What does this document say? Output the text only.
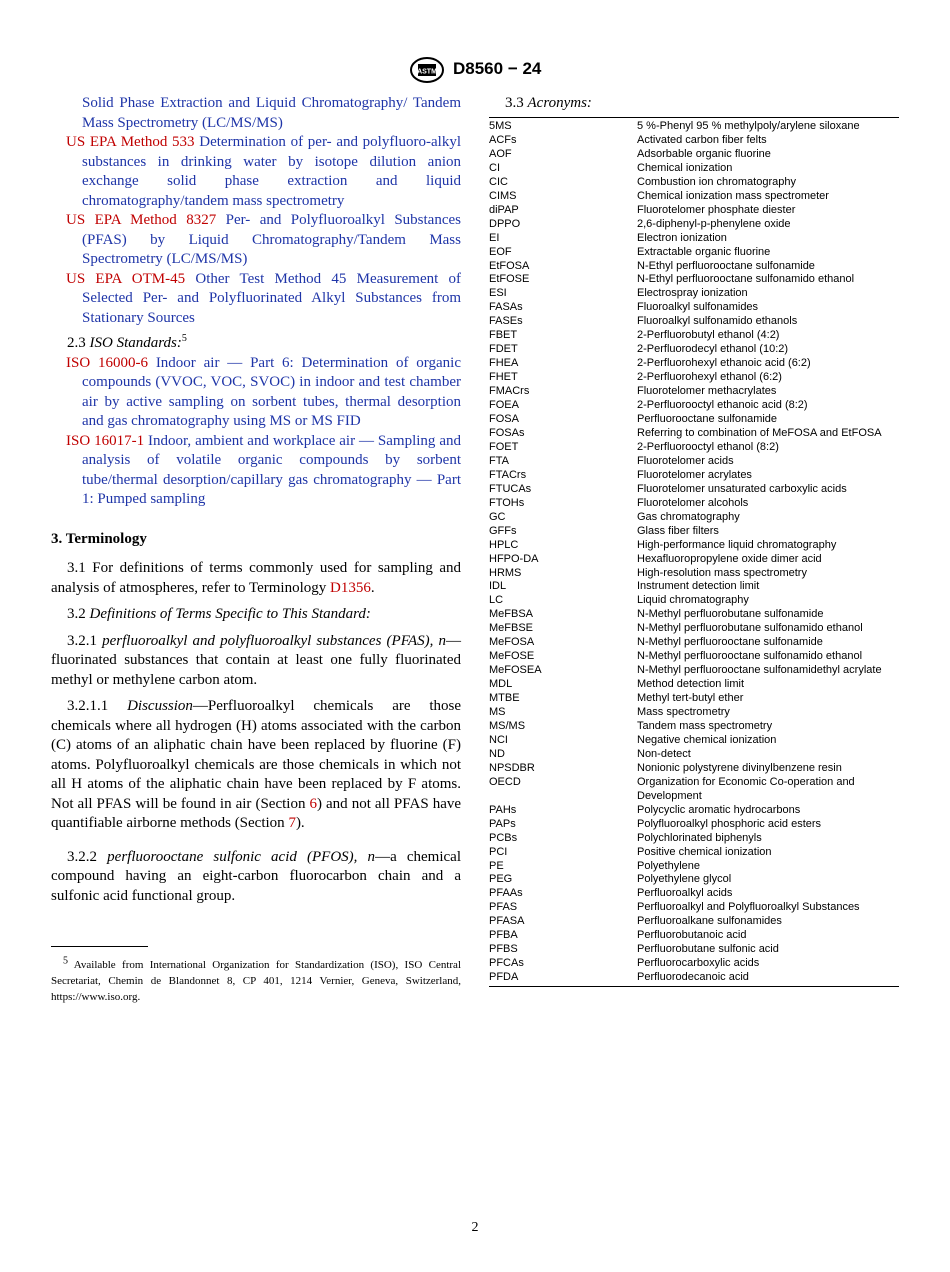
ASTM D8560 − 24
Solid Phase Extraction and Liquid Chromatography/ Tandem Mass Spectrometry (LC/MS/MS)
US EPA Method 533 Determination of per- and polyfluoro-alkyl substances in drinking water by isotope dilution anion exchange solid phase extraction and liquid chromatography/tandem mass spectrometry
US EPA Method 8327 Per- and Polyfluoroalkyl Substances (PFAS) by Liquid Chromatography/Tandem Mass Spectrometry (LC/MS/MS)
US EPA OTM-45 Other Test Method 45 Measurement of Selected Per- and Polyfluorinated Alkyl Substances from Stationary Sources
2.3 ISO Standards:$^5$
ISO 16000-6 Indoor air — Part 6: Determination of organic compounds (VVOC, VOC, SVOC) in indoor and test chamber air by active sampling on sorbent tubes, thermal desorption and gas chromatography using MS or MS FID
ISO 16017-1 Indoor, ambient and workplace air — Sampling and analysis of volatile organic compounds by sorbent tube/thermal desorption/capillary gas chromatography — Part 1: Pumped sampling
3. Terminology

3.1 For definitions of terms commonly used for sampling and analysis of atmospheres, refer to Terminology D1356.

3.2 Definitions of Terms Specific to This Standard:

3.2.1 perfluoroalkyl and polyfluoroalkyl substances (PFAS), n—fluorinated substances that contain at least one fully fluorinated methyl or methylene carbon atom.

3.2.1.1 Discussion—Perfluoroalkyl chemicals are those chemicals where all hydrogen (H) atoms associated with the carbon (C) atoms of an aliphatic chain have been replaced by fluorine (F) atoms. Polyfluoroalkyl chemicals are those chemicals in which not all H atoms of the aliphatic chain have been replaced by F atoms. Not all PFAS will be found in air (Section 6) and not all PFAS have quantifiable airborne methods (Section 7).

3.2.2 perfluorooctane sulfonic acid (PFOS), n—a chemical compound having an eight-carbon fluorocarbon chain and a sulfonic acid functional group.

$^5$ Available from International Organization for Standardization (ISO), ISO Central Secretariat, Chemin de Blandonnet 8, CP 401, 1214 Vernier, Geneva, Switzerland, https://www.iso.org.
3.3 Acronyms:
5MS	5 %-Phenyl 95 % methylpoly/arylene siloxane
ACFs	Activated carbon fiber felts
AOF	Adsorbable organic fluorine
CI	Chemical ionization
CIC	Combustion ion chromatography
CIMS	Chemical ionization mass spectrometer
diPAP	Fluorotelomer phosphate diester
DPPO	2,6-diphenyl-p-phenylene oxide
EI	Electron ionization
EOF	Extractable organic fluorine
EtFOSA	N-Ethyl perfluorooctane sulfonamide
EtFOSE	N-Ethyl perfluorooctane sulfonamido ethanol
ESI	Electrospray ionization
FASAs	Fluoroalkyl sulfonamides
FASEs	Fluoroalkyl sulfonamido ethanols
FBET	2-Perfluorobutyl ethanol (4:2)
FDET	2-Perfluorodecyl ethanol (10:2)
FHEA	2-Perfluorohexyl ethanoic acid (6:2)
FHET	2-Perfluorohexyl ethanol (6:2)
FMACrs	Fluorotelomer methacrylates
FOEA	2-Perfluorooctyl ethanoic acid (8:2)
FOSA	Perfluorooctane sulfonamide
FOSAs	Referring to combination of MeFOSA and EtFOSA
FOET	2-Perfluorooctyl ethanol (8:2)
FTA	Fluorotelomer acids
FTACrs	Fluorotelomer acrylates
FTUCAs	Fluorotelomer unsaturated carboxylic acids
FTOHs	Fluorotelomer alcohols
GC	Gas chromatography
GFFs	Glass fiber filters
HPLC	High-performance liquid chromatography
HFPO-DA	Hexafluoropropylene oxide dimer acid
HRMS	High-resolution mass spectrometry
IDL	Instrument detection limit
LC	Liquid chromatography
MeFBSA	N-Methyl perfluorobutane sulfonamide
MeFBSE	N-Methyl perfluorobutane sulfonamido ethanol
MeFOSA	N-Methyl perfluorooctane sulfonamide
MeFOSE	N-Methyl perfluorooctane sulfonamido ethanol
MeFOSEA	N-Methyl perfluorooctane sulfonamidethyl acrylate
MDL	Method detection limit
MTBE	Methyl tert-butyl ether
MS	Mass spectrometry
MS/MS	Tandem mass spectrometry
NCI	Negative chemical ionization
ND	Non-detect
NPSDBR	Nonionic polystyrene divinylbenzene resin
OECD	Organization for Economic Co-operation and Development
PAHs	Polycyclic aromatic hydrocarbons
PAPs	Polyfluoroalkyl phosphoric acid esters
PCBs	Polychlorinated biphenyls
PCI	Positive chemical ionization
PE	Polyethylene
PEG	Polyethylene glycol
PFAAs	Perfluoroalkyl acids
PFAS	Perfluoroalkyl and Polyfluoroalkyl Substances
PFASA	Perfluoroalkane sulfonamides
PFBA	Perfluorobutanoic acid
PFBS	Perfluorobutane sulfonic acid
PFCAs	Perfluorocarboxylic acids
PFDA	Perfluorodecanoic acid
2
